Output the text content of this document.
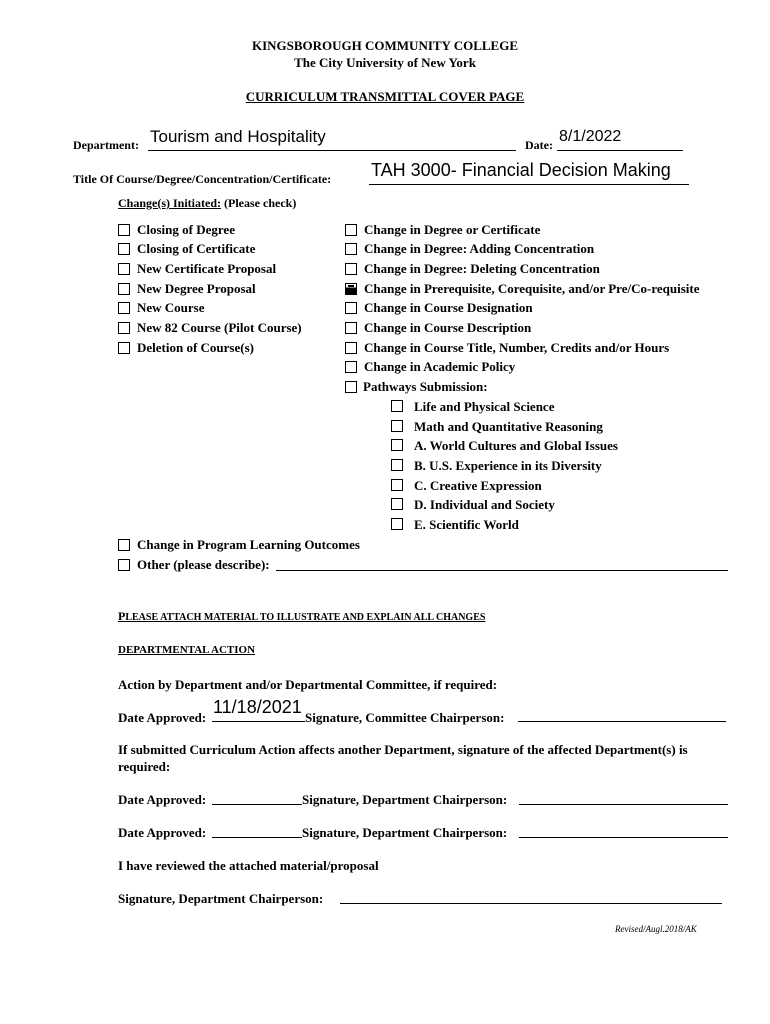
KINGSBOROUGH COMMUNITY COLLEGE
The City University of New York
CURRICULUM TRANSMITTAL COVER PAGE
Department: Tourism and Hospitality	Date: 8/1/2022
Title Of Course/Degree/Concentration/Certificate: TAH 3000- Financial Decision Making
Change(s) Initiated: (Please check)
Closing of Degree
Closing of Certificate
New Certificate Proposal
New Degree Proposal
New Course
New 82 Course (Pilot Course)
Deletion of Course(s)
Change in Degree or Certificate
Change in Degree: Adding Concentration
Change in Degree: Deleting Concentration
Change in Prerequisite, Corequisite, and/or Pre/Co-requisite
Change in Course Designation
Change in Course Description
Change in Course Title, Number, Credits and/or Hours
Change in Academic Policy
Pathways Submission:
Life and Physical Science
Math and Quantitative Reasoning
A. World Cultures and Global Issues
B. U.S. Experience in its Diversity
C. Creative Expression
D. Individual and Society
E. Scientific World
Change in Program Learning Outcomes
Other (please describe):
PLEASE ATTACH MATERIAL TO ILLUSTRATE AND EXPLAIN ALL CHANGES
DEPARTMENTAL ACTION
Action by Department and/or Departmental Committee, if required:
Date Approved:
11/18/2021
Signature, Committee Chairperson:
If submitted Curriculum Action affects another Department, signature of the affected Department(s) is
required:
Date Approved:	Signature, Department Chairperson:
Date Approved:	Signature, Department Chairperson:
I have reviewed the attached material/proposal
Signature, Department Chairperson:
Revised/Augl.2018/AK
